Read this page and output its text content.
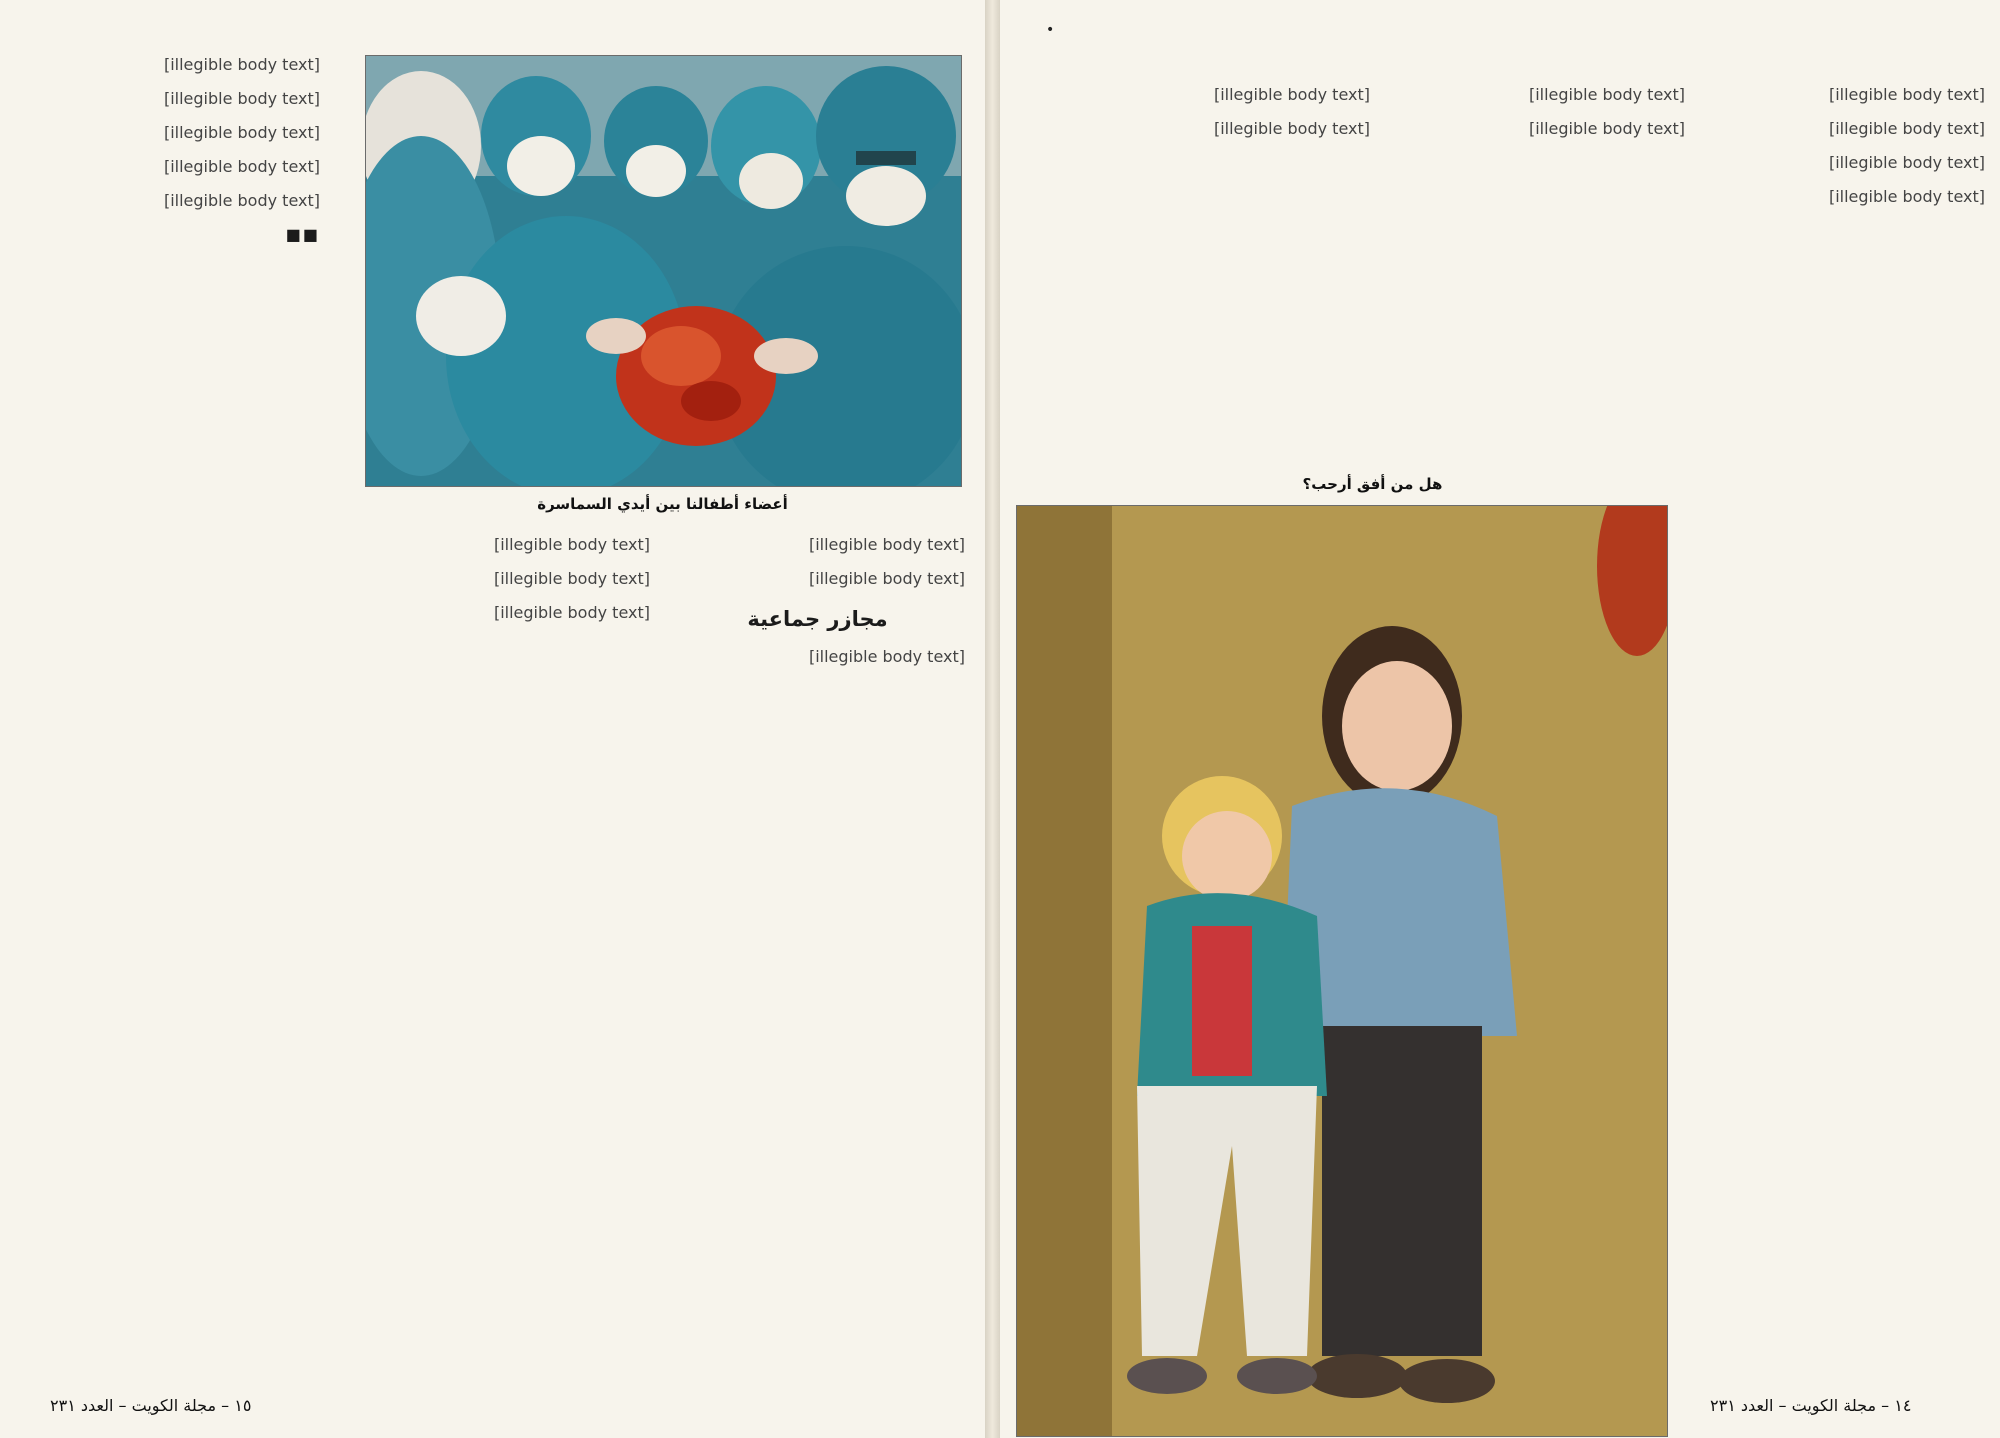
[illegible body text]

[illegible body text]

[illegible body text]

[illegible body text]

[illegible body text]

■■

أعضاء أطفالنا بين أيدي السماسرة

[illegible body text]

[illegible body text]

[illegible body text]

[illegible body text]

[illegible body text]

مجازر جماعية

[illegible body text]

١٥ – مجلة الكويت – العدد ٢٣١

[illegible body text]

[illegible body text]

[illegible body text]

[illegible body text]

هل من أفق أرحب؟

[illegible body text]

[illegible body text]

[illegible body text]

[illegible body text]

١٤ – مجلة الكويت – العدد ٢٣١
•
